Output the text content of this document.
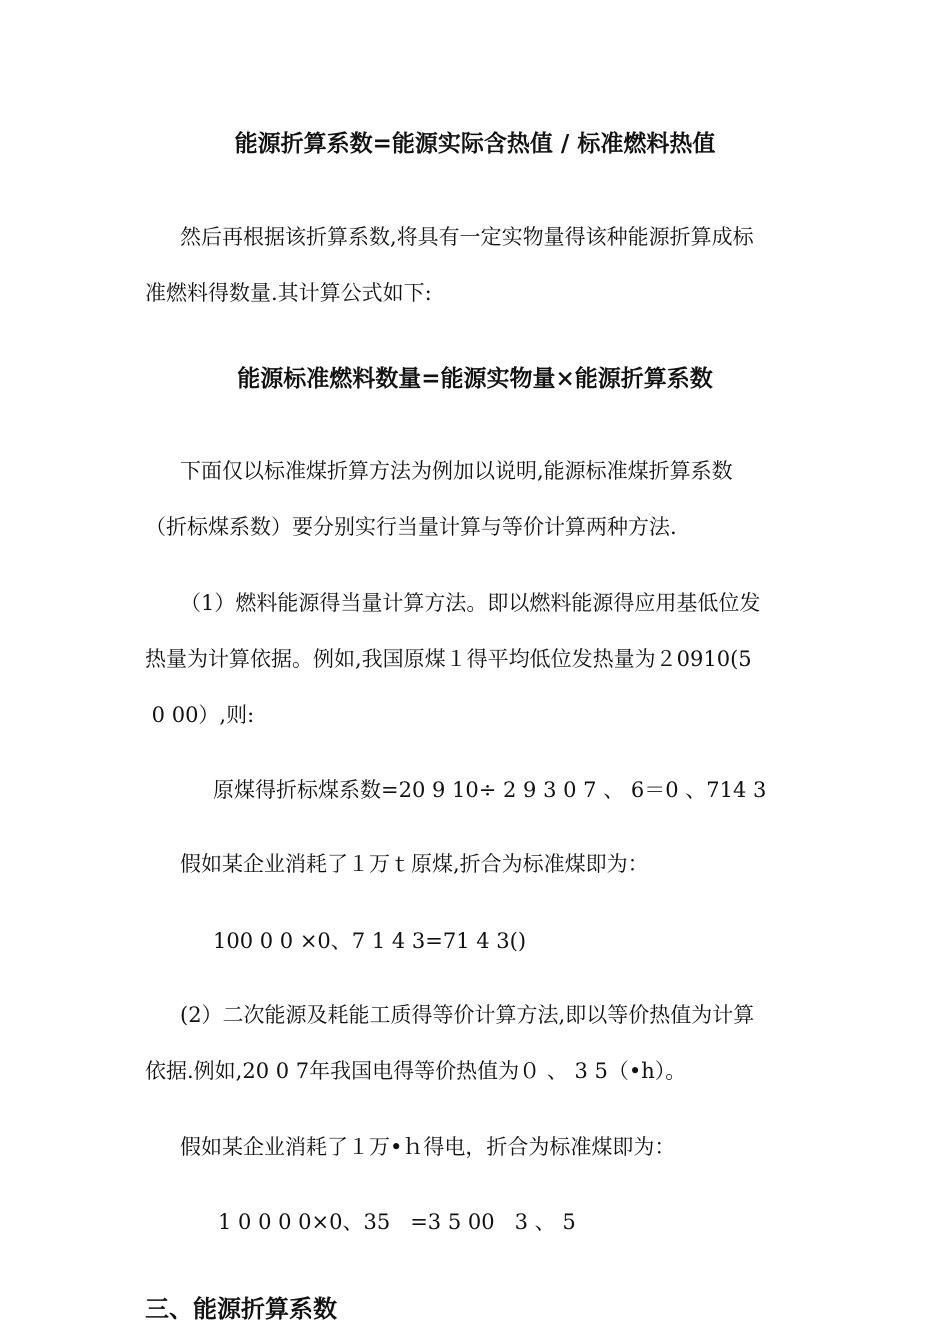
能源折算系数=能源实际含热值 / 标准燃料热值
然后再根据该折算系数,将具有一定实物量得该种能源折算成标
准燃料得数量.其计算公式如下:
能源标准燃料数量=能源实物量×能源折算系数
下面仅以标准煤折算方法为例加以说明,能源标准煤折算系数
（折标煤系数）要分别实行当量计算与等价计算两种方法.
（1）燃料能源得当量计算方法。即以燃料能源得应用基低位发
热量为计算依据。例如,我国原煤１得平均低位发热量为２0910(5
0 00）,则:
原煤得折标煤系数=20 9 10÷ 2 9 3 0 7 、 6＝0 、714 3
假如某企业消耗了１万ｔ原煤,折合为标准煤即为：
100 0 0 ×0、7 1 4 3=71 4 3()
(2）二次能源及耗能工质得等价计算方法,即以等价热值为计算
依据.例如,20 0 7年我国电得等价热值为０ 、 3 5（•h）。
假如某企业消耗了１万•ｈ得电，折合为标准煤即为：
1 0 0 0 0×0、35   =3 5 00   3 、 5
三、能源折算系数
